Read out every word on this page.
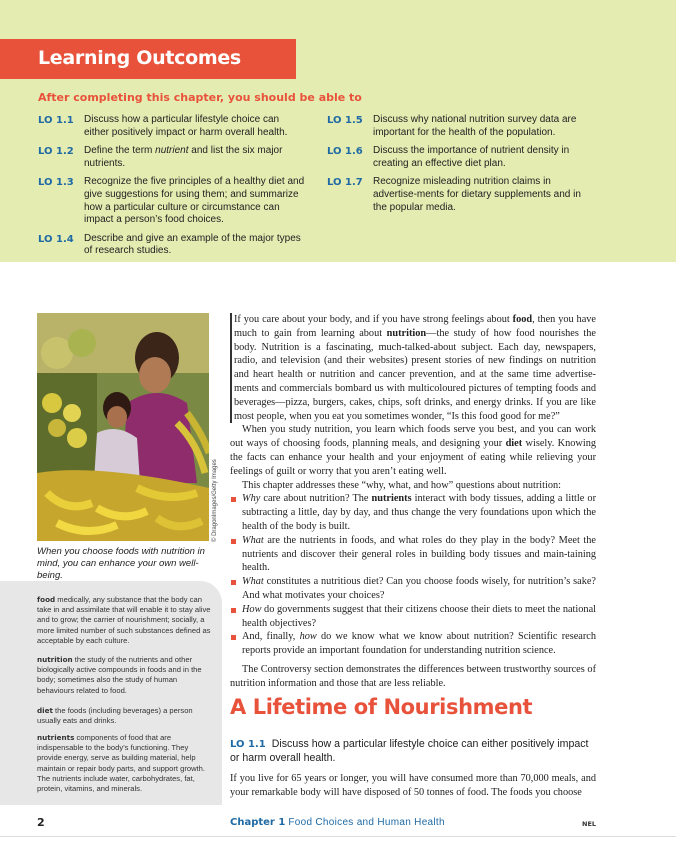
Learning Outcomes
After completing this chapter, you should be able to
LO 1.1	Discuss how a particular lifestyle choice can either positively impact or harm overall health.
LO 1.2	Define the term nutrient and list the six major nutrients.
LO 1.3	Recognize the five principles of a healthy diet and give suggestions for using them; and summarize how a particular culture or circumstance can impact a person’s food choices.
LO 1.4	Describe and give an example of the major types of research studies.
LO 1.5	Discuss why national nutrition survey data are important for the health of the population.
LO 1.6	Discuss the importance of nutrient density in creating an effective diet plan.
LO 1.7	Recognize misleading nutrition claims in advertise-ments for dietary supplements and in the popular media.
© DragonImages/Getty Images
When you choose foods with nutrition in mind, you can enhance your own well-being.
food medically, any substance that the body can take in and assimilate that will enable it to stay alive and to grow; the carrier of nourishment; socially, a more limited number of such substances defined as acceptable by each culture.
nutrition the study of the nutrients and other biologically active compounds in foods and in the body; sometimes also the study of human behaviours related to food.
diet the foods (including beverages) a person usually eats and drinks.
nutrients components of food that are indispensable to the body’s functioning. They provide energy, serve as building material, help maintain or repair body parts, and support growth. The nutrients include water, carbohydrates, fat, protein, vitamins, and minerals.

If you care about your body, and if you have strong feelings about food, then you have much to gain from learning about nutrition—the study of how food nourishes the body. Nutrition is a fascinating, much-talked-about subject. Each day, newspapers, radio, and television (and their websites) present stories of new findings on nutrition and heart health or nutrition and cancer prevention, and at the same time advertise-ments and commercials bombard us with multicoloured pictures of tempting foods and beverages—pizza, burgers, cakes, chips, soft drinks, and energy drinks. If you are like most people, when you eat you sometimes wonder, “Is this food good for me?”

When you study nutrition, you learn which foods serve you best, and you can work out ways of choosing foods, planning meals, and designing your diet wisely. Knowing the facts can enhance your health and your enjoyment of eating while relieving your feelings of guilt or worry that you aren’t eating well.

This chapter addresses these “why, what, and how” questions about nutrition:

Why care about nutrition? The nutrients interact with body tissues, adding a little or subtracting a little, day by day, and thus change the very foundations upon which the health of the body is built.
What are the nutrients in foods, and what roles do they play in the body? Meet the nutrients and discover their general roles in building body tissues and main-taining health.
What constitutes a nutritious diet? Can you choose foods wisely, for nutrition’s sake? And what motivates your choices?
How do governments suggest that their citizens choose their diets to meet the national health objectives?
And, finally, how do we know what we know about nutrition? Scientific research reports provide an important foundation for understanding nutrition science.

The Controversy section demonstrates the differences between trustworthy sources of nutrition information and those that are less reliable.

A Lifetime of Nourishment
LO 1.1 Discuss how a particular lifestyle choice can either positively impact or harm overall health.

If you live for 65 years or longer, you will have consumed more than 70,000 meals, and your remarkable body will have disposed of 50 tonnes of food. The foods you choose

2	Chapter 1 Food Choices and Human Health	NEL
